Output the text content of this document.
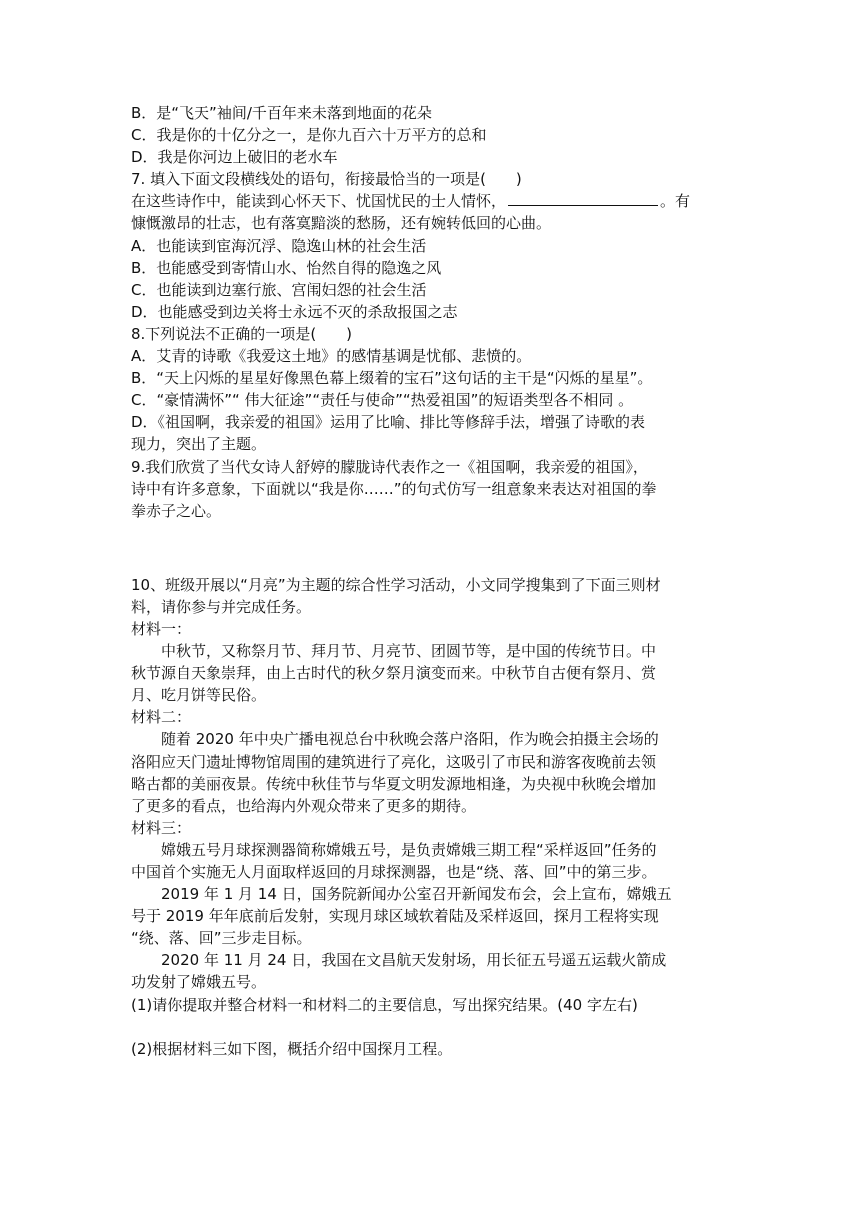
B．是“飞天”袖间/千百年来未落到地面的花朵
C．我是你的十亿分之一，是你九百六十万平方的总和
D．我是你河边上破旧的老水车
7. 填入下面文段横线处的语句，衔接最恰当的一项是(　　)
在这些诗作中，能读到心怀天下、忧国忧民的士人情怀，	。有
慷慨激昂的壮志，也有落寞黯淡的愁肠，还有婉转低回的心曲。
A．也能读到宦海沉浮、隐逸山林的社会生活
B．也能感受到寄情山水、怡然自得的隐逸之风
C．也能读到边塞行旅、宫闱妇怨的社会生活
D．也能感受到边关将士永远不灭的杀敌报国之志
8.下列说法不正确的一项是(　　)
A．艾青的诗歌《我爱这土地》的感情基调是忧郁、悲愤的。
B．“天上闪烁的星星好像黑色幕上缀着的宝石”这句话的主干是“闪烁的星星”。
C．“豪情满怀”“ 伟大征途”“责任与使命”“热爱祖国”的短语类型各不相同 。
D．《祖国啊，我亲爱的祖国》运用了比喻、排比等修辞手法，增强了诗歌的表
现力，突出了主题。
9.我们欣赏了当代女诗人舒婷的朦胧诗代表作之一《祖国啊，我亲爱的祖国》，
诗中有许多意象，下面就以“我是你……”的句式仿写一组意象来表达对祖国的拳
拳赤子之心。
10、班级开展以“月亮”为主题的综合性学习活动，小文同学搜集到了下面三则材
料，请你参与并完成任务。
材料一：
中秋节，又称祭月节、拜月节、月亮节、团圆节等，是中国的传统节日。中
秋节源自天象崇拜，由上古时代的秋夕祭月演变而来。中秋节自古便有祭月、赏
月、吃月饼等民俗。
材料二：
随着 2020 年中央广播电视总台中秋晚会落户洛阳，作为晚会拍摄主会场的
洛阳应天门遗址博物馆周围的建筑进行了亮化，这吸引了市民和游客夜晚前去领
略古都的美丽夜景。传统中秋佳节与华夏文明发源地相逢，为央视中秋晚会增加
了更多的看点，也给海内外观众带来了更多的期待。
材料三：
嫦娥五号月球探测器简称嫦娥五号，是负责嫦娥三期工程“采样返回”任务的
中国首个实施无人月面取样返回的月球探测器，也是“绕、落、回”中的第三步。
2019 年 1 月 14 日，国务院新闻办公室召开新闻发布会，会上宣布，嫦娥五
号于 2019 年年底前后发射，实现月球区域软着陆及采样返回，探月工程将实现
“绕、落、回”三步走目标。
2020 年 11 月 24 日，我国在文昌航天发射场，用长征五号遥五运载火箭成
功发射了嫦娥五号。
(1)请你提取并整合材料一和材料二的主要信息，写出探究结果。(40 字左右)
(2)根据材料三如下图，概括介绍中国探月工程。
